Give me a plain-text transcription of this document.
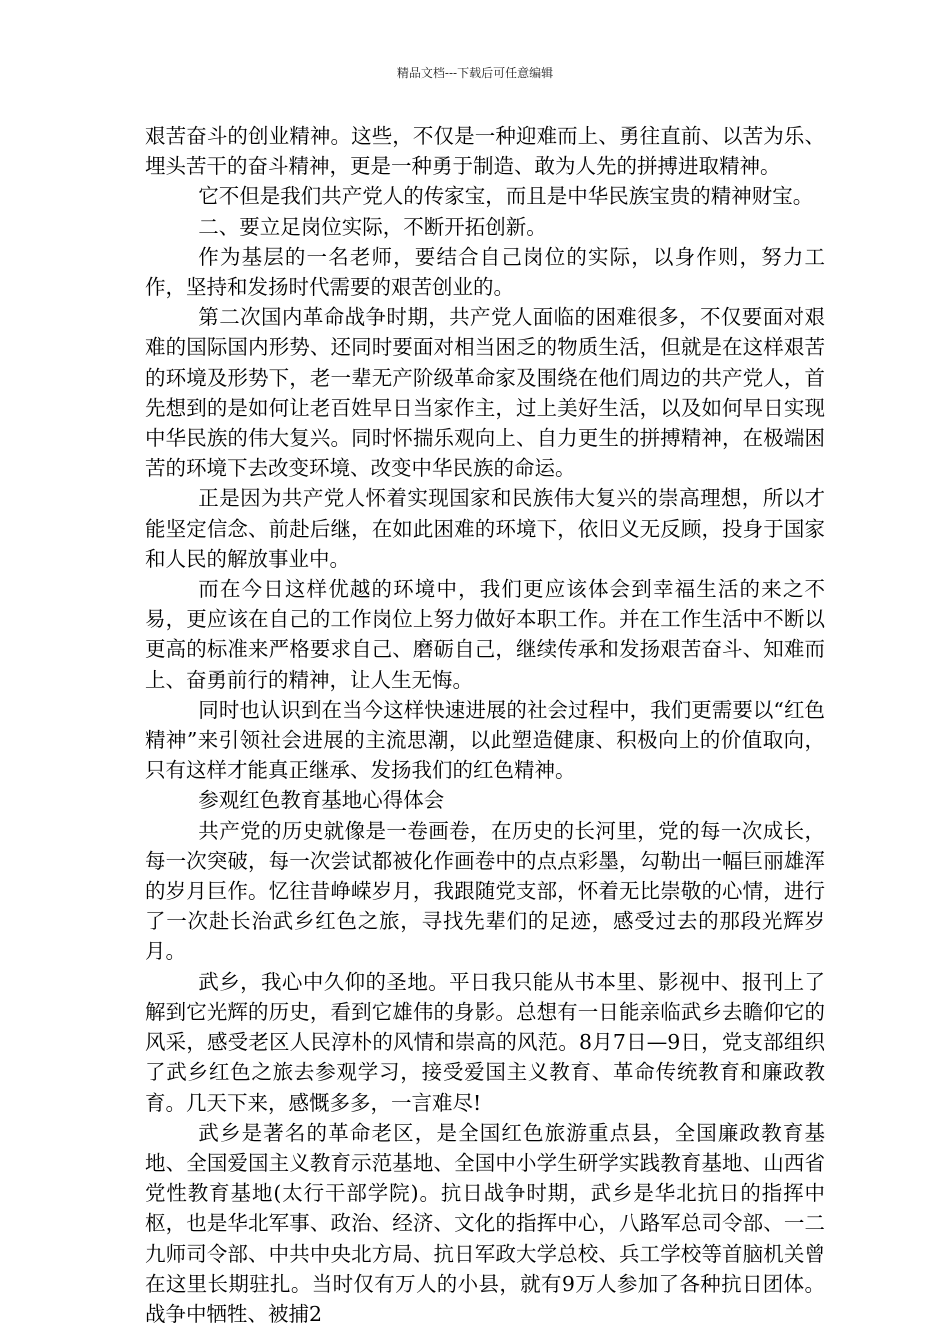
精品文档---下载后可任意编辑

艰苦奋斗的创业精神。这些，不仅是一种迎难而上、勇往直前、以苦为乐、埋头苦干的奋斗精神，更是一种勇于制造、敢为人先的拼搏进取精神。

它不但是我们共产党人的传家宝，而且是中华民族宝贵的精神财宝。

二、要立足岗位实际，不断开拓创新。

作为基层的一名老师，要结合自己岗位的实际，以身作则，努力工作，坚持和发扬时代需要的艰苦创业的。

第二次国内革命战争时期，共产党人面临的困难很多，不仅要面对艰难的国际国内形势、还同时要面对相当困乏的物质生活，但就是在这样艰苦的环境及形势下，老一辈无产阶级革命家及围绕在他们周边的共产党人，首先想到的是如何让老百姓早日当家作主，过上美好生活，以及如何早日实现中华民族的伟大复兴。同时怀揣乐观向上、自力更生的拼搏精神，在极端困苦的环境下去改变环境、改变中华民族的命运。

正是因为共产党人怀着实现国家和民族伟大复兴的崇高理想，所以才能坚定信念、前赴后继，在如此困难的环境下，依旧义无反顾，投身于国家和人民的解放事业中。

而在今日这样优越的环境中，我们更应该体会到幸福生活的来之不易，更应该在自己的工作岗位上努力做好本职工作。并在工作生活中不断以更高的标准来严格要求自己、磨砺自己，继续传承和发扬艰苦奋斗、知难而上、奋勇前行的精神，让人生无悔。

同时也认识到在当今这样快速进展的社会过程中，我们更需要以“红色精神”来引领社会进展的主流思潮，以此塑造健康、积极向上的价值取向，只有这样才能真正继承、发扬我们的红色精神。

参观红色教育基地心得体会

共产党的历史就像是一卷画卷，在历史的长河里，党的每一次成长，每一次突破，每一次尝试都被化作画卷中的点点彩墨，勾勒出一幅巨丽雄浑的岁月巨作。忆往昔峥嵘岁月，我跟随党支部，怀着无比崇敬的心情，进行了一次赴长治武乡红色之旅，寻找先辈们的足迹，感受过去的那段光辉岁月。

武乡，我心中久仰的圣地。平日我只能从书本里、影视中、报刊上了解到它光辉的历史，看到它雄伟的身影。总想有一日能亲临武乡去瞻仰它的风采，感受老区人民淳朴的风情和崇高的风范。8月7日—9日，党支部组织了武乡红色之旅去参观学习，接受爱国主义教育、革命传统教育和廉政教育。几天下来，感慨多多，一言难尽!

武乡是著名的革命老区，是全国红色旅游重点县，全国廉政教育基地、全国爱国主义教育示范基地、全国中小学生研学实践教育基地、山西省党性教育基地(太行干部学院)。抗日战争时期，武乡是华北抗日的指挥中枢，也是华北军事、政治、经济、文化的指挥中心，八路军总司令部、一二九师司令部、中共中央北方局、抗日军政大学总校、兵工学校等首脑机关曾在这里长期驻扎。当时仅有万人的小县，就有9万人参加了各种抗日团体。战争中牺牲、被捕2
